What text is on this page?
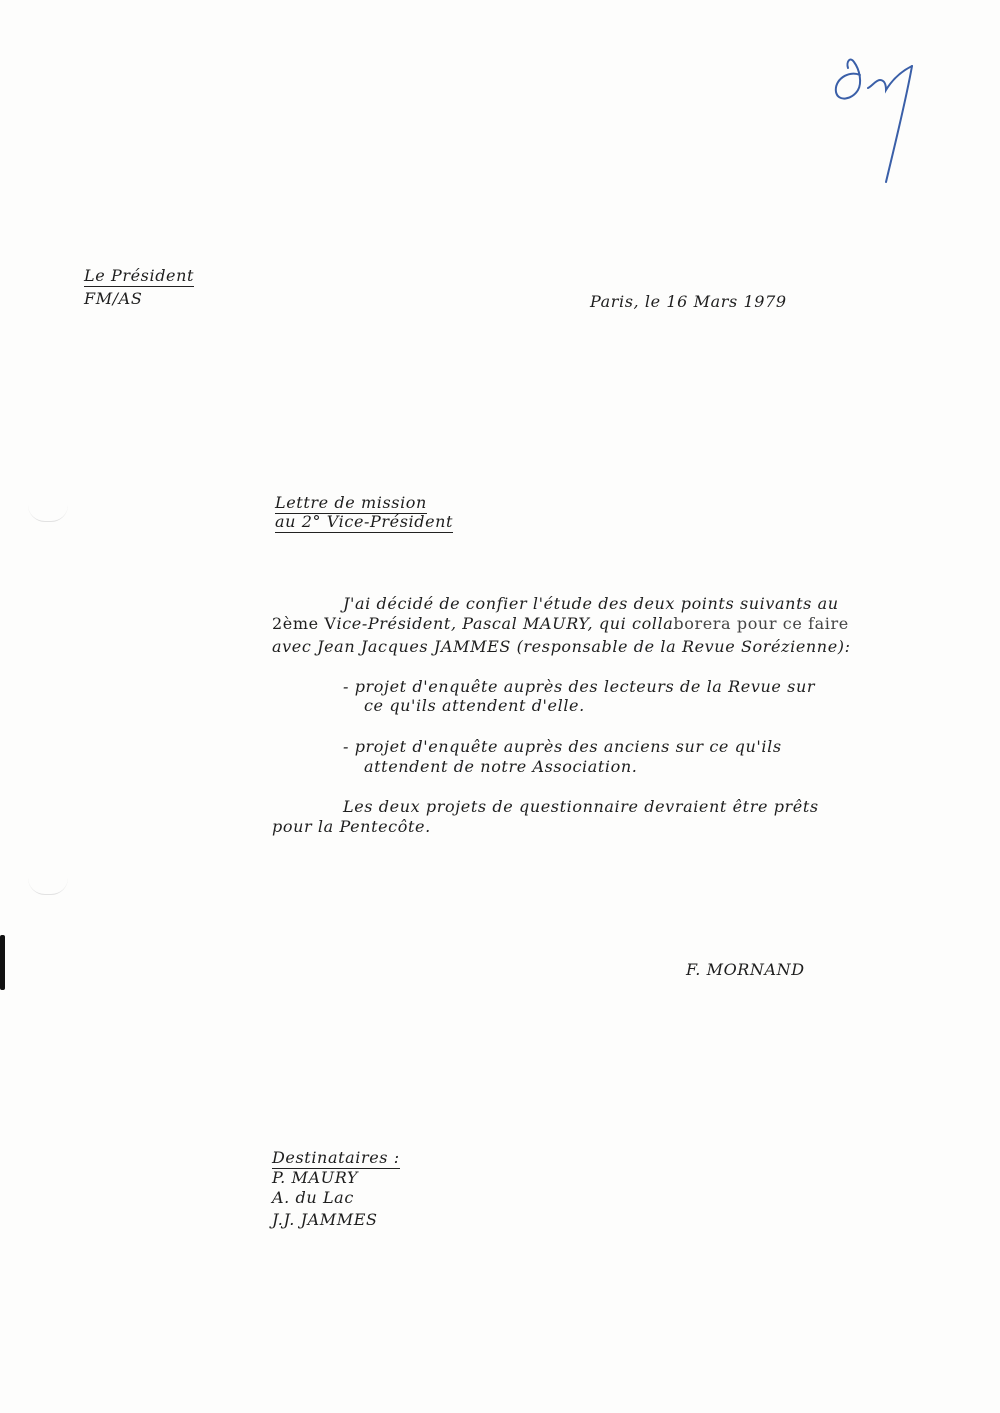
Le Président
FM/AS	Paris, le 16 Mars 1979
Lettre de mission
au 2° Vice-Président
J'ai décidé de confier l'étude des deux points suivants au
2ème Vice-Président, Pascal MAURY, qui collaborera pour ce faire
avec Jean Jacques JAMMES (responsable de la Revue Sorézienne):
- projet d'enquête auprès des lecteurs de la Revue sur
ce qu'ils attendent d'elle.
- projet d'enquête auprès des anciens sur ce qu'ils
attendent de notre Association.
Les deux projets de questionnaire devraient être prêts
pour la Pentecôte.
F. MORNAND
Destinataires :
P. MAURY
A. du Lac
J.J. JAMMES
